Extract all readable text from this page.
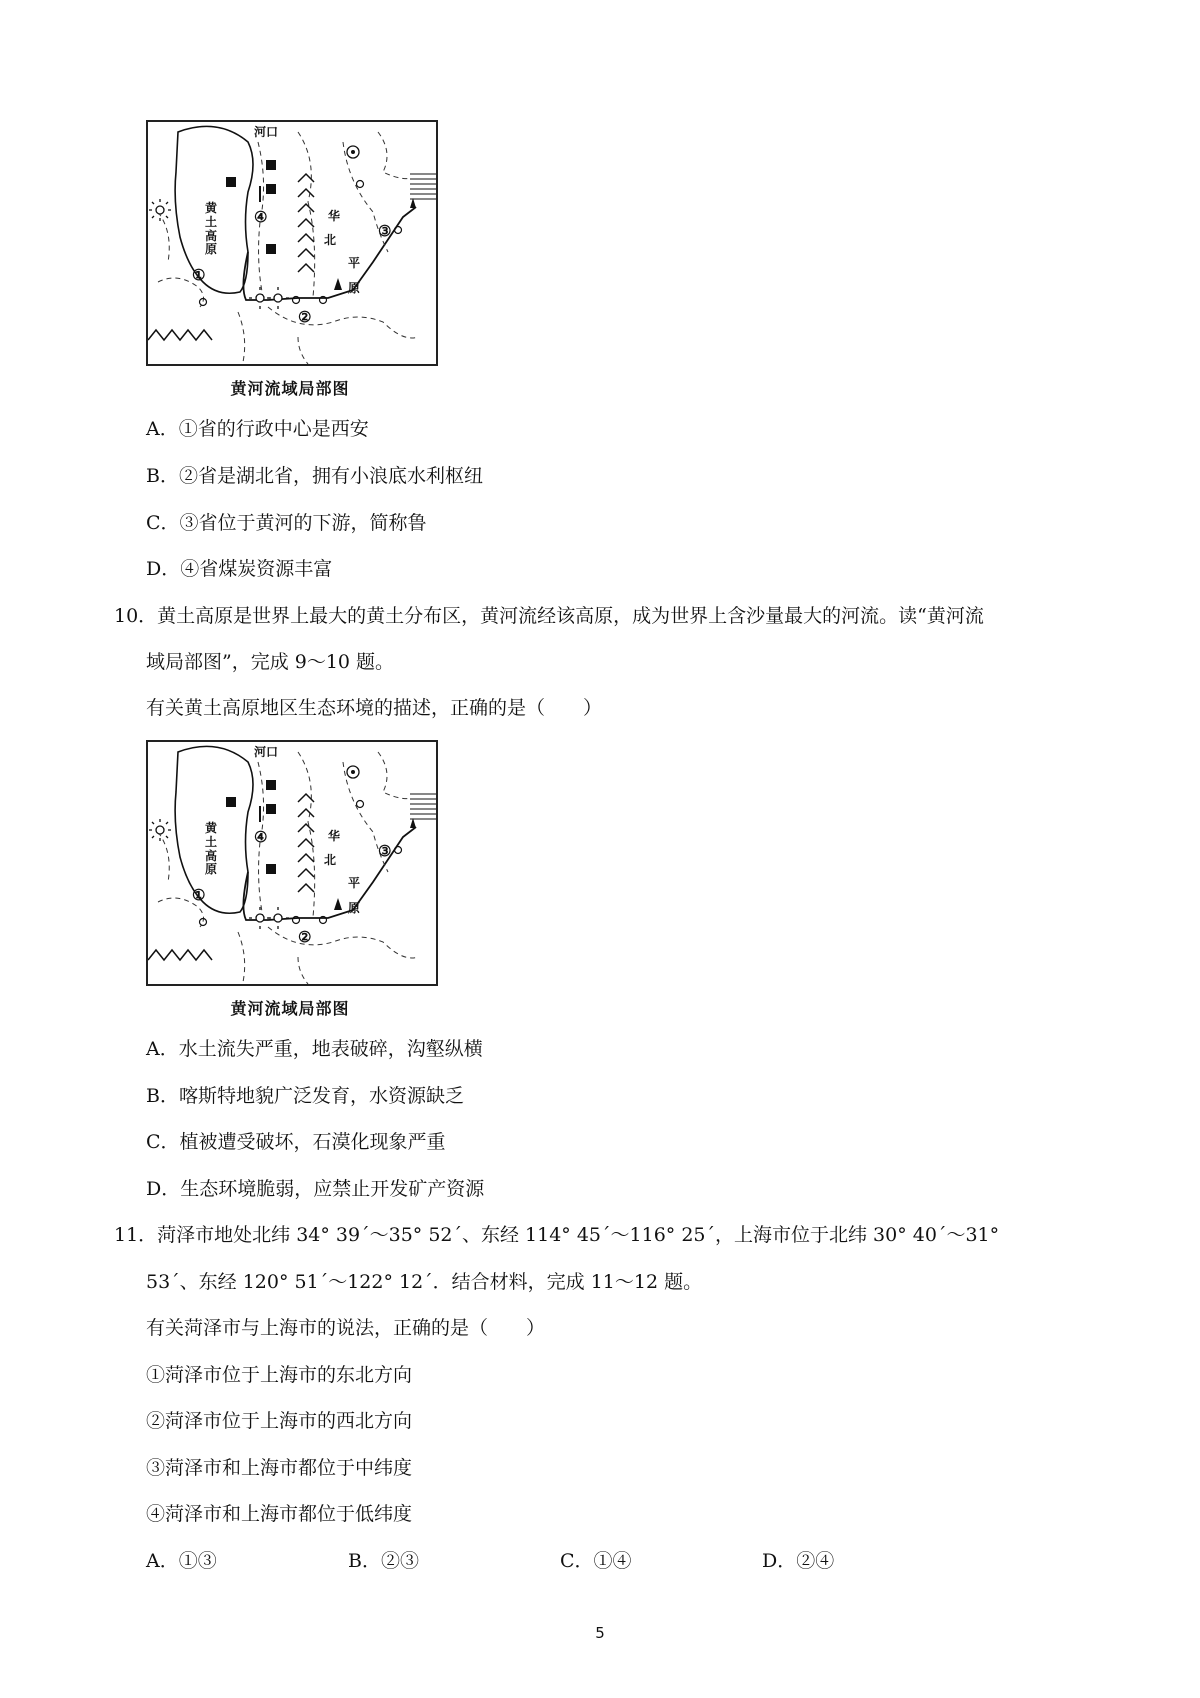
河口
黄土高原
华
北
平
原
①
②
③
④
黄河流域局部图
A．①省的行政中心是西安
B．②省是湖北省，拥有小浪底水利枢纽
C．③省位于黄河的下游，简称鲁
D．④省煤炭资源丰富
10．黄土高原是世界上最大的黄土分布区，黄河流经该高原，成为世界上含沙量最大的河流。读“黄河流
域局部图”，完成 9～10 题。
有关黄土高原地区生态环境的描述，正确的是（　　）
河口
黄土高原
华
北
平
原
①
②
③
④
黄河流域局部图
A．水土流失严重，地表破碎，沟壑纵横
B．喀斯特地貌广泛发育，水资源缺乏
C．植被遭受破坏，石漠化现象严重
D．生态环境脆弱，应禁止开发矿产资源
11．菏泽市地处北纬 34° 39´～35° 52´、东经 114° 45´～116° 25´，上海市位于北纬 30° 40´～31°
53´、东经 120° 51´～122° 12´．结合材料，完成 11～12 题。
有关菏泽市与上海市的说法，正确的是（　　）
①菏泽市位于上海市的东北方向
②菏泽市位于上海市的西北方向
③菏泽市和上海市都位于中纬度
④菏泽市和上海市都位于低纬度
A．①③	B．②③	C．①④	D．②④
5
